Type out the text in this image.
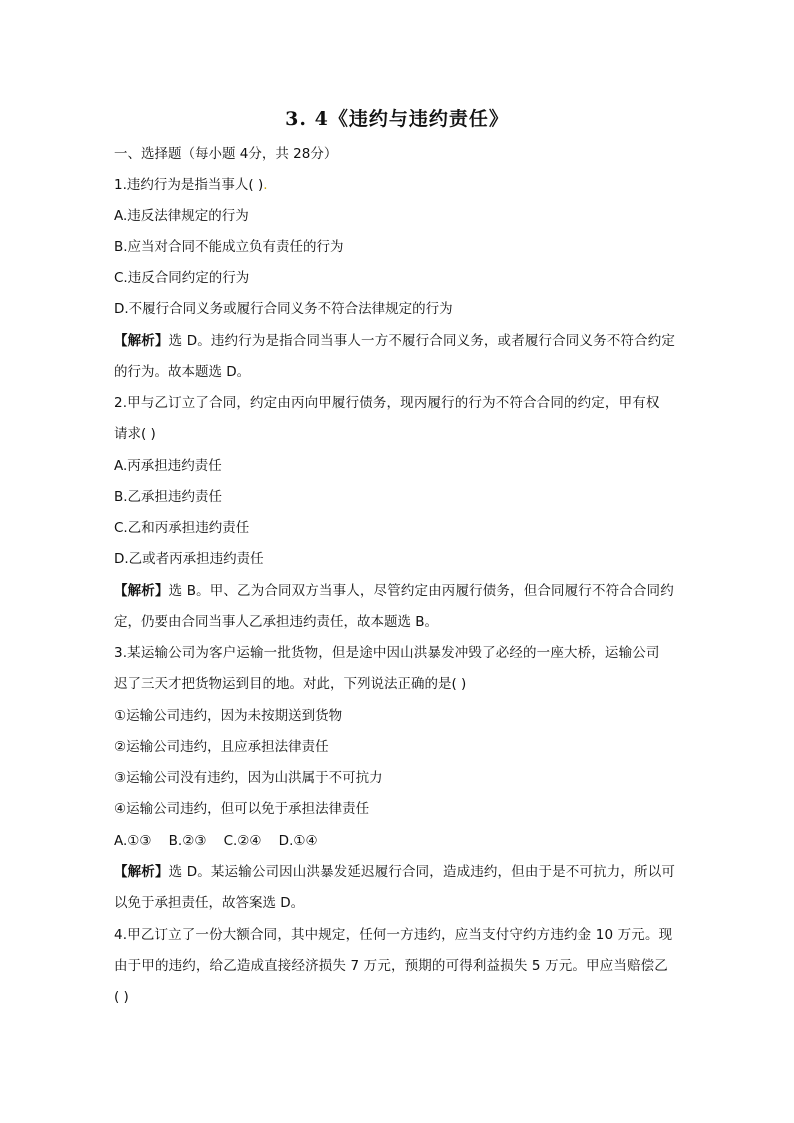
3. 4《违约与违约责任》
一、选择题（每小题 4分，共 28分）
1.违约行为是指当事人( ).
A.违反法律规定的行为
B.应当对合同不能成立负有责任的行为
C.违反合同约定的行为
D.不履行合同义务或履行合同义务不符合法律规定的行为
【解析】选 D。违约行为是指合同当事人一方不履行合同义务，或者履行合同义务不符合约定
的行为。故本题选 D。
2.甲与乙订立了合同，约定由丙向甲履行债务，现丙履行的行为不符合合同的约定，甲有权
请求( )
A.丙承担违约责任
B.乙承担违约责任
C.乙和丙承担违约责任
D.乙或者丙承担违约责任
【解析】选 B。甲、乙为合同双方当事人，尽管约定由丙履行债务，但合同履行不符合合同约
定，仍要由合同当事人乙承担违约责任，故本题选 B。
3.某运输公司为客户运输一批货物，但是途中因山洪暴发冲毁了必经的一座大桥，运输公司
迟了三天才把货物运到目的地。对此，下列说法正确的是( )
①运输公司违约，因为未按期送到货物
②运输公司违约，且应承担法律责任
③运输公司没有违约，因为山洪属于不可抗力
④运输公司违约，但可以免于承担法律责任
A.①③    B.②③    C.②④    D.①④
【解析】选 D。某运输公司因山洪暴发延迟履行合同，造成违约，但由于是不可抗力，所以可
以免于承担责任，故答案选 D。
4.甲乙订立了一份大额合同，其中规定，任何一方违约，应当支付守约方违约金 10 万元。现
由于甲的违约，给乙造成直接经济损失 7 万元，预期的可得利益损失 5 万元。甲应当赔偿乙
( )
